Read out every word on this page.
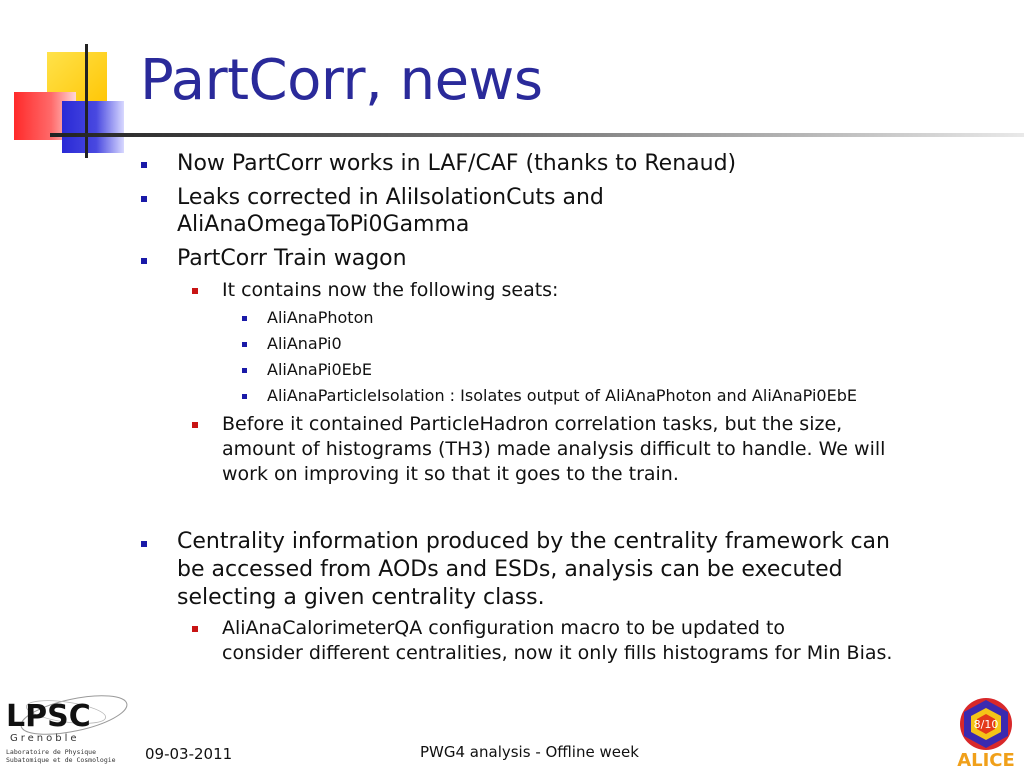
PartCorr, news
Now PartCorr works in LAF/CAF (thanks to Renaud)
Leaks corrected in AliIsolationCuts and
AliAnaOmegaToPi0Gamma
PartCorr Train wagon
It contains now the following seats:
AliAnaPhoton
AliAnaPi0
AliAnaPi0EbE
AliAnaParticleIsolation : Isolates output of AliAnaPhoton and AliAnaPi0EbE
Before it contained ParticleHadron correlation tasks, but the size,
amount of histograms (TH3) made analysis difficult to handle. We will
work on improving it so that it goes to the train.
Centrality information produced by the centrality framework can
be accessed from AODs and ESDs, analysis can be executed
selecting a given centrality class.
AliAnaCalorimeterQA configuration macro to be updated to
consider different centralities, now it only fills histograms for Min Bias.
LPSC
Grenoble
Laboratoire de Physique
Subatomique et de Cosmologie 09-03-2011	PWG4 analysis - Offline week
8/10
ALICE
